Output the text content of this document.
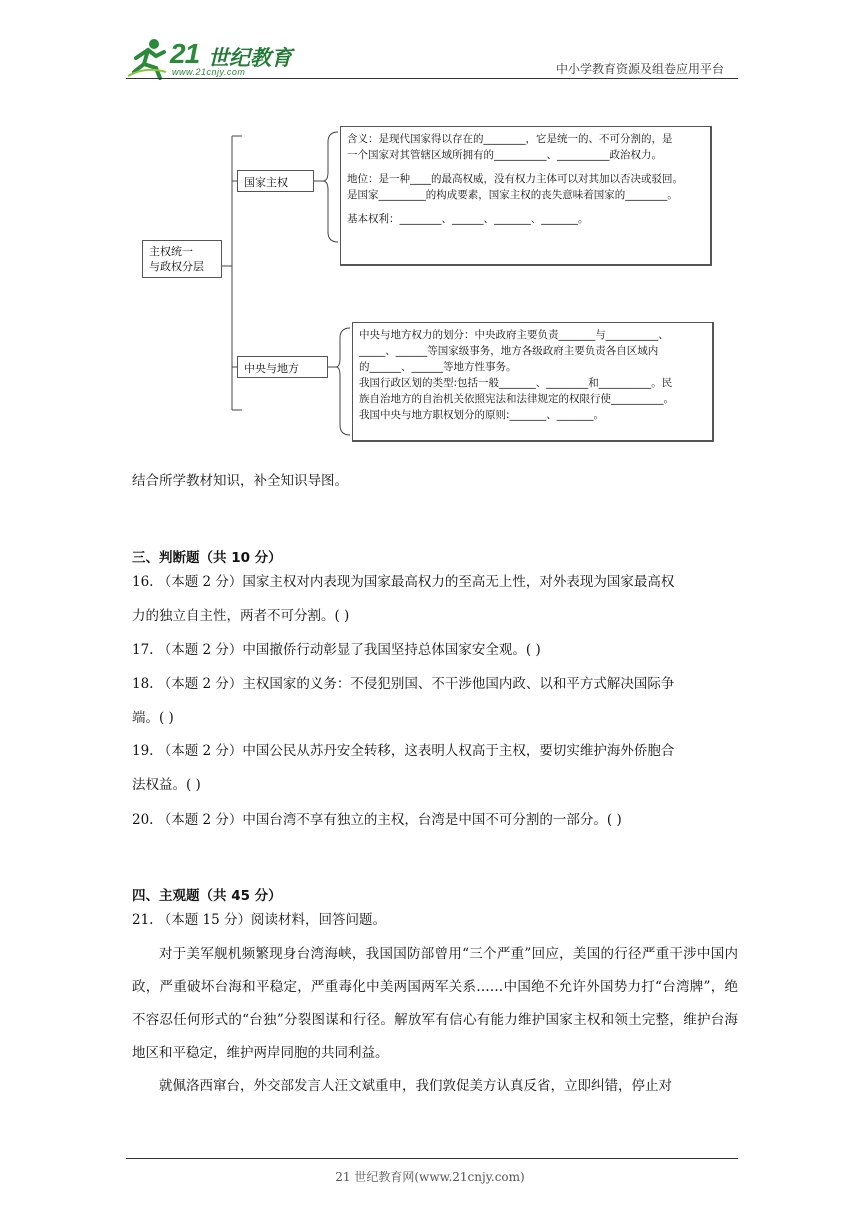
21 世纪教育
www.21cnjy.com	中小学教育资源及组卷应用平台
主权统一
与政权分层
国家主权
中央与地方

含义：是现代国家得以存在的________，它是统一的、不可分割的，是

一个国家对其管辖区域所拥有的__________、__________政治权力。

地位：是一种____的最高权威，没有权力主体可以对其加以否决或驳回。

是国家_________的构成要素，国家主权的丧失意味着国家的________。

基本权利：________、______、_______、_______。

中央与地方权力的划分：中央政府主要负责_______与__________、

_____、______等国家级事务，地方各级政府主要负责各自区域内

的______、______等地方性事务。

我国行政区划的类型:包括一般_______、________和__________。民

族自治地方的自治机关依照宪法和法律规定的权限行使__________。

我国中央与地方职权划分的原则:_______、_______。

结合所学教材知识，补全知识导图。
三、判断题（共 10 分）
16. （本题 2 分）国家主权对内表现为国家最高权力的至高无上性，对外表现为国家最高权
力的独立自主性，两者不可分割。( )
17. （本题 2 分）中国撤侨行动彰显了我国坚持总体国家安全观。( )
18. （本题 2 分）主权国家的义务：不侵犯别国、不干涉他国内政、以和平方式解决国际争
端。( )
19. （本题 2 分）中国公民从苏丹安全转移，这表明人权高于主权，要切实维护海外侨胞合
法权益。( )
20. （本题 2 分）中国台湾不享有独立的主权，台湾是中国不可分割的一部分。( )
四、主观题（共 45 分）
21. （本题 15 分）阅读材料，回答问题。
对于美军舰机频繁现身台湾海峡，我国国防部曾用“三个严重”回应，美国的行径严重干涉中国内政，严重破坏台海和平稳定，严重毒化中美两国两军关系……中国绝不允许外国势力打“台湾牌”，绝不容忍任何形式的“台独”分裂图谋和行径。解放军有信心有能力维护国家主权和领土完整，维护台海地区和平稳定，维护两岸同胞的共同利益。
就佩洛西窜台，外交部发言人汪文斌重申，我们敦促美方认真反省，立即纠错，停止对
21 世纪教育网(www.21cnjy.com)
